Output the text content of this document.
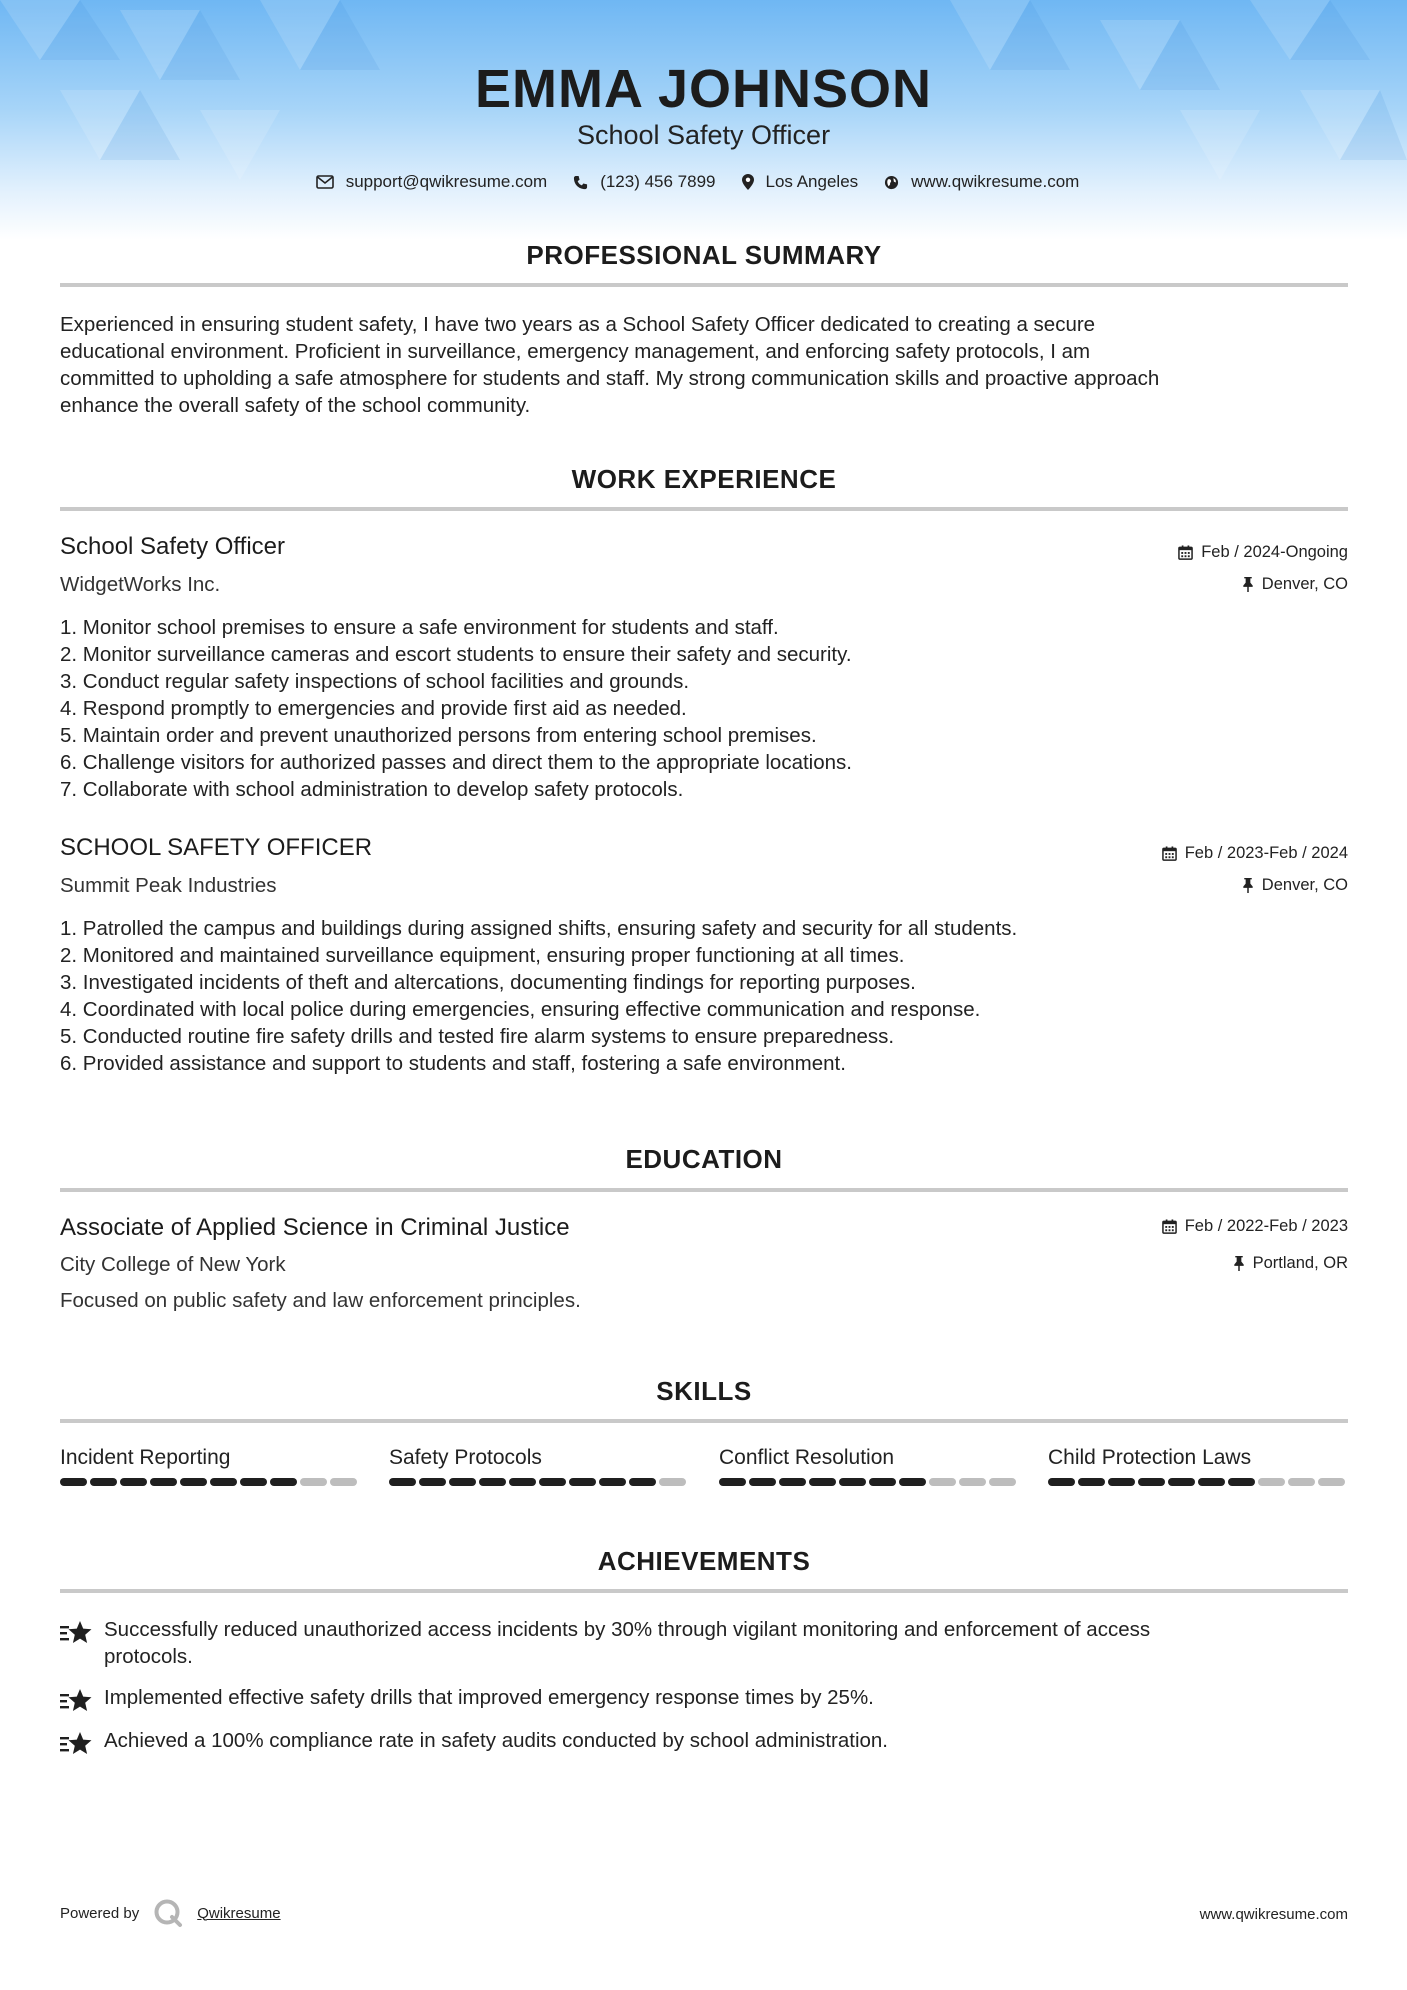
EMMA JOHNSON
School Safety Officer
support@qwikresume.com	(123) 456 7899	Los Angeles	www.qwikresume.com
PROFESSIONAL SUMMARY
Experienced in ensuring student safety, I have two years as a School Safety Officer dedicated to creating a secure
educational environment. Proficient in surveillance, emergency management, and enforcing safety protocols, I am
committed to upholding a safe atmosphere for students and staff. My strong communication skills and proactive approach
enhance the overall safety of the school community.
WORK EXPERIENCE
School Safety Officer	Feb / 2024-Ongoing
WidgetWorks Inc.	Denver, CO
1. Monitor school premises to ensure a safe environment for students and staff.
2. Monitor surveillance cameras and escort students to ensure their safety and security.
3. Conduct regular safety inspections of school facilities and grounds.
4. Respond promptly to emergencies and provide first aid as needed.
5. Maintain order and prevent unauthorized persons from entering school premises.
6. Challenge visitors for authorized passes and direct them to the appropriate locations.
7. Collaborate with school administration to develop safety protocols.
SCHOOL SAFETY OFFICER	Feb / 2023-Feb / 2024
Summit Peak Industries	Denver, CO
1. Patrolled the campus and buildings during assigned shifts, ensuring safety and security for all students.
2. Monitored and maintained surveillance equipment, ensuring proper functioning at all times.
3. Investigated incidents of theft and altercations, documenting findings for reporting purposes.
4. Coordinated with local police during emergencies, ensuring effective communication and response.
5. Conducted routine fire safety drills and tested fire alarm systems to ensure preparedness.
6. Provided assistance and support to students and staff, fostering a safe environment.
EDUCATION
Associate of Applied Science in Criminal Justice	Feb / 2022-Feb / 2023
City College of New York	Portland, OR
Focused on public safety and law enforcement principles.
SKILLS
Incident Reporting	Safety Protocols	Conflict Resolution	Child Protection Laws
ACHIEVEMENTS
Successfully reduced unauthorized access incidents by 30% through vigilant monitoring and enforcement of access
protocols.
Implemented effective safety drills that improved emergency response times by 25%.
Achieved a 100% compliance rate in safety audits conducted by school administration.
Powered by	Qwikresume	www.qwikresume.com
